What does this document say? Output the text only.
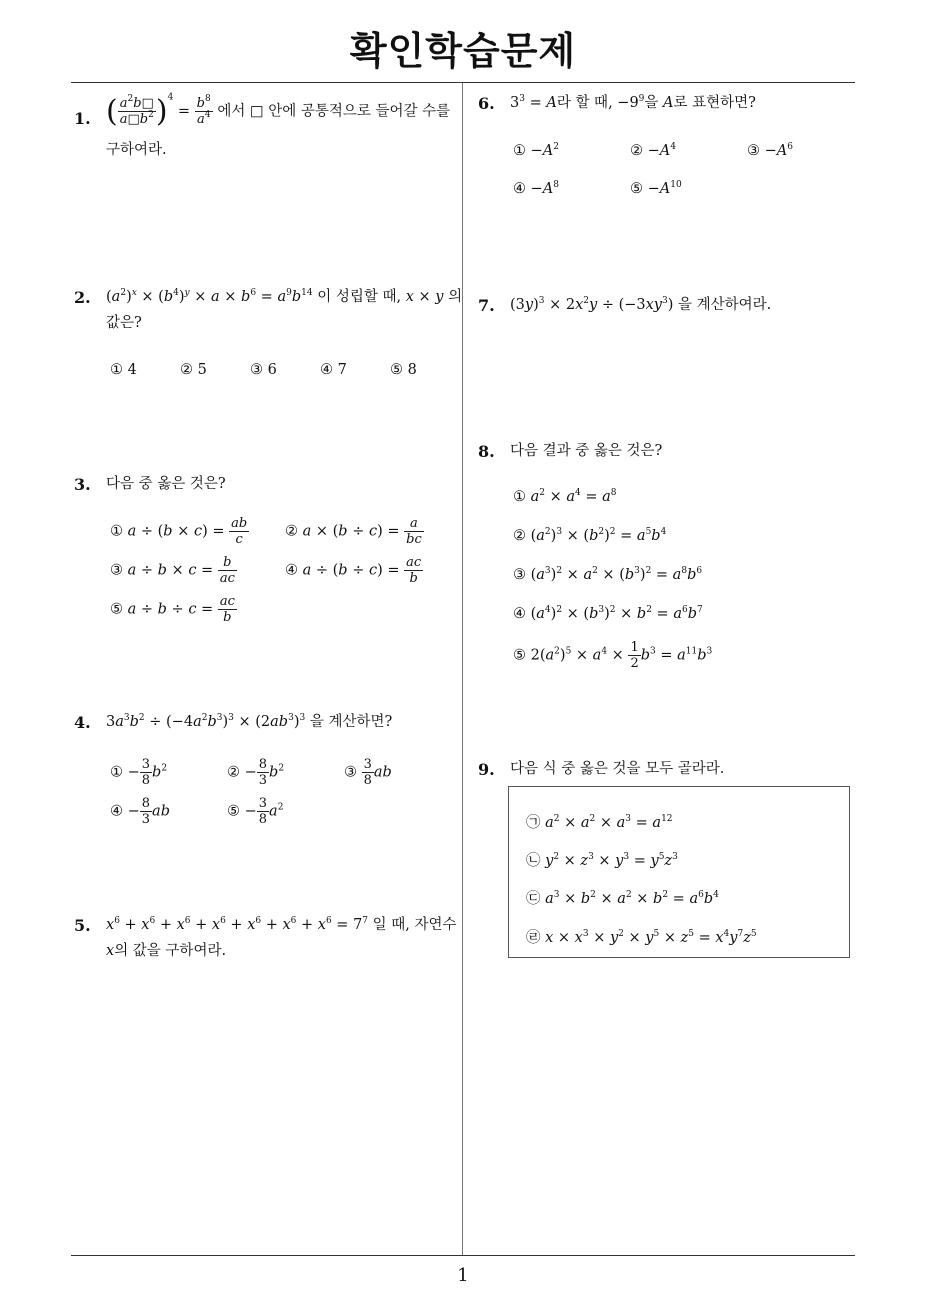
확인학습문제
1
1. ( $\frac{a^2b□}{a□b^2} )^4 = \frac{b^8}{a^4}$ 에서 □ 안에 공통적으로 들어갈 수를
구하여라.
2. $(a^2)^x \times (b^4)^y \times a \times b^6 = a^9b^{14}$ 이 성립할 때, x × y 의
값은?
① 4	② 5	③ 6	④ 7	⑤ 8
3. 다음 중 옳은 것은?
① $a \div (b \times c) = \frac{ab}{c}$ ② $a \times (b \div c) = \frac{a}{bc}$
③ $a \div b \times c = \frac{b}{ac}$	④ $a \div (b \div c) = \frac{ac}{b}$
⑤ $a \div b \div c = \frac{ac}{b}$
4. $3a^3b^2 \div (-4a^2b^3)^3 \times (2ab^3)^3$ 을 계산하면?
① − $\frac{3}{8} b^2$	② − $\frac{8}{3} b^2$	③ $\frac{3}{8}$ ab
④ − $\frac{8}{3}$ ab	⑤ − $\frac{3}{8} a^2$
5. $x^6 + x^6 + x^6 + x^6 + x^6 + x^6 + x^6 = 7^7$ 일 때, 자연수
x의 값을 구하여라.
6. $3^3 = A$라 할 때, $-9^9$을 A로 표현하면?
① $-A^2$	② $-A^4$	③ $-A^6$
④ $-A^8$	⑤ $-A^{10}$
7. $(3y)^3 \times 2x^2y \div (-3xy^3)$ 을 계산하여라.
8. 다음 결과 중 옳은 것은?
① $a^2 \times a^4 = a^8$
② $(a^2)^3 \times (b^2)^2 = a^5b^4$
③ $(a^3)^2 \times a^2 \times (b^3)^2 = a^8b^6$
④ $(a^4)^2 \times (b^3)^2 \times b^2 = a^6b^7$
⑤ $2(a^2)^5 \times a^4 \times \frac{1}{2} b^3 = a^{11}b^3$
9. 다음 식 중 옳은 것을 모두 골라라.
㉠ $a^2 \times a^2 \times a^3 = a^{12}$
㉡ $y^2 \times z^3 \times y^3 = y^5z^3$
㉢ $a^3 \times b^2 \times a^2 \times b^2 = a^6b^4$
㉣ $x \times x^3 \times y^2 \times y^5 \times z^5 = x^4y^7z^5$
